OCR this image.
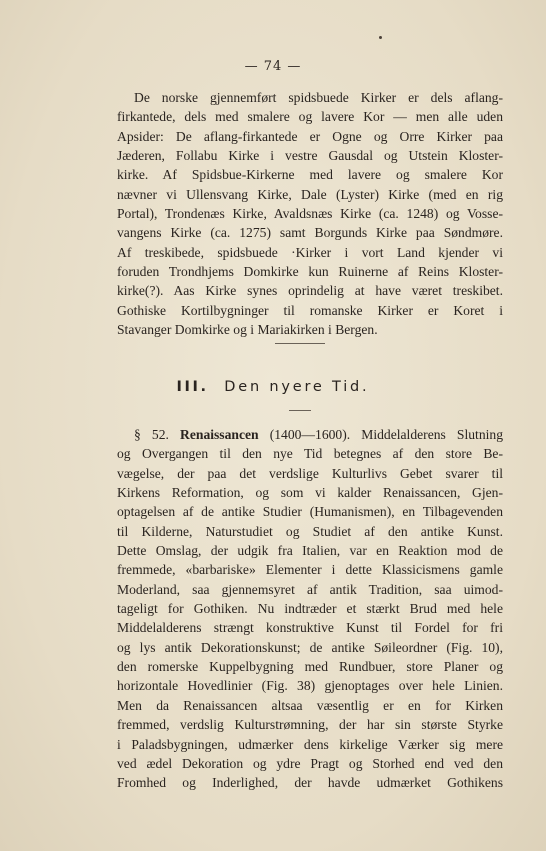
— 74 —
De norske gjennemført spidsbuede Kirker er dels aflang-
firkantede, dels med smalere og lavere Kor — men alle uden
Apsider: De aflang-firkantede er Ogne og Orre Kirker paa
Jæderen, Follabu Kirke i vestre Gausdal og Utstein Kloster-
kirke. Af Spidsbue-Kirkerne med lavere og smalere Kor
nævner vi Ullensvang Kirke, Dale (Lyster) Kirke (med en rig
Portal), Trondenæs Kirke, Avaldsnæs Kirke (ca. 1248) og Vosse-
vangens Kirke (ca. 1275) samt Borgunds Kirke paa Søndmøre.
Af treskibede, spidsbuede ·Kirker i vort Land kjender vi
foruden Trondhjems Domkirke kun Ruinerne af Reins Kloster-
kirke(?). Aas Kirke synes oprindelig at have været treskibet.
Gothiske Kortilbygninger til romanske Kirker er Koret i
Stavanger Domkirke og i Mariakirken i Bergen.
III. Den nyere Tid.
§ 52. Renaissancen (1400—1600). Middelalderens Slutning
og Overgangen til den nye Tid betegnes af den store Be-
vægelse, der paa det verdslige Kulturlivs Gebet svarer til
Kirkens Reformation, og som vi kalder Renaissancen, Gjen-
optagelsen af de antike Studier (Humanismen), en Tilbagevenden
til Kilderne, Naturstudiet og Studiet af den antike Kunst.
Dette Omslag, der udgik fra Italien, var en Reaktion mod de
fremmede, «barbariske» Elementer i dette Klassicismens gamle
Moderland, saa gjennemsyret af antik Tradition, saa uimod-
tageligt for Gothiken. Nu indtræder et stærkt Brud med hele
Middelalderens strængt konstruktive Kunst til Fordel for fri
og lys antik Dekorationskunst; de antike Søileordner (Fig. 10),
den romerske Kuppelbygning med Rundbuer, store Planer og
horizontale Hovedlinier (Fig. 38) gjenoptages over hele Linien.
Men da Renaissancen altsaa væsentlig er en for Kirken
fremmed, verdslig Kulturstrømning, der har sin største Styrke
i Paladsbygningen, udmærker dens kirkelige Værker sig mere
ved ædel Dekoration og ydre Pragt og Storhed end ved den
Fromhed og Inderlighed, der havde udmærket Gothikens
